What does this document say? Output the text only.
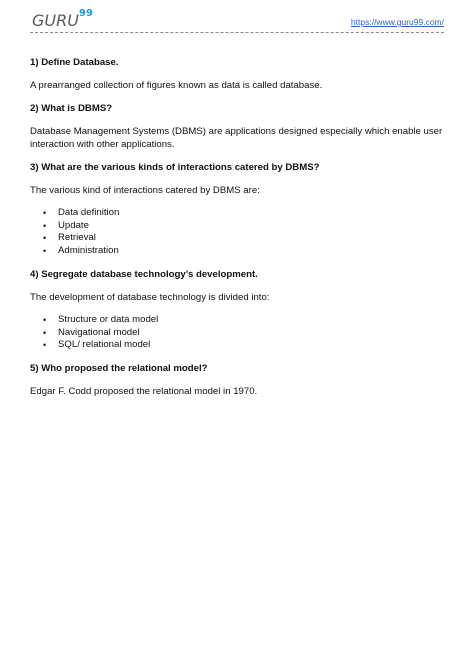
GURU 99
https://www.guru99.com/

1) Define Database.

A prearranged collection of figures known as data is called database.

2) What is DBMS?

Database Management Systems (DBMS) are applications designed especially which enable user interaction with other applications.

3) What are the various kinds of interactions catered by DBMS?

The various kind of interactions catered by DBMS are:

• Data definition
• Update
• Retrieval
• Administration

4) Segregate database technology’s development.

The development of database technology is divided into:

• Structure or data model
• Navigational model
• SQL/ relational model

5) Who proposed the relational model?

Edgar F. Codd proposed the relational model in 1970.
